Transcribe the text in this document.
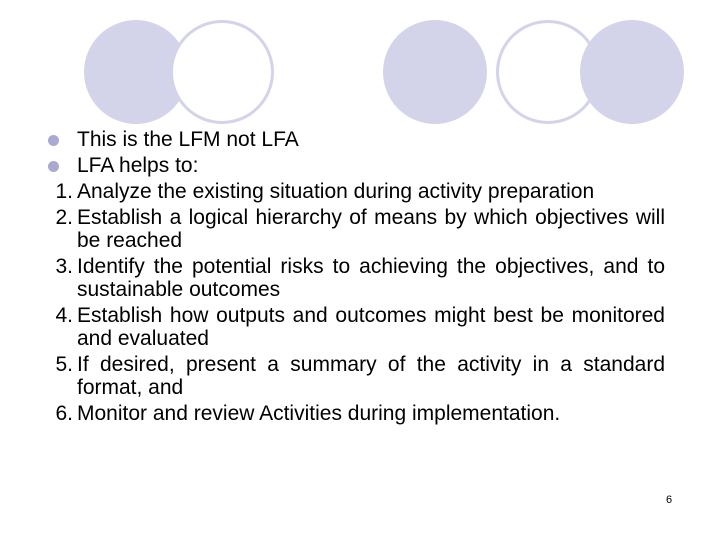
This is the LFM not LFA
LFA helps to:
1. Analyze the existing situation during activity preparation
2. Establish a logical hierarchy of means by which objectives will be reached
3. Identify the potential risks to achieving the objectives, and to sustainable outcomes
4. Establish how outputs and outcomes might best be monitored and evaluated
5. If desired, present a summary of the activity in a standard format, and
6. Monitor and review Activities during implementation.
6
